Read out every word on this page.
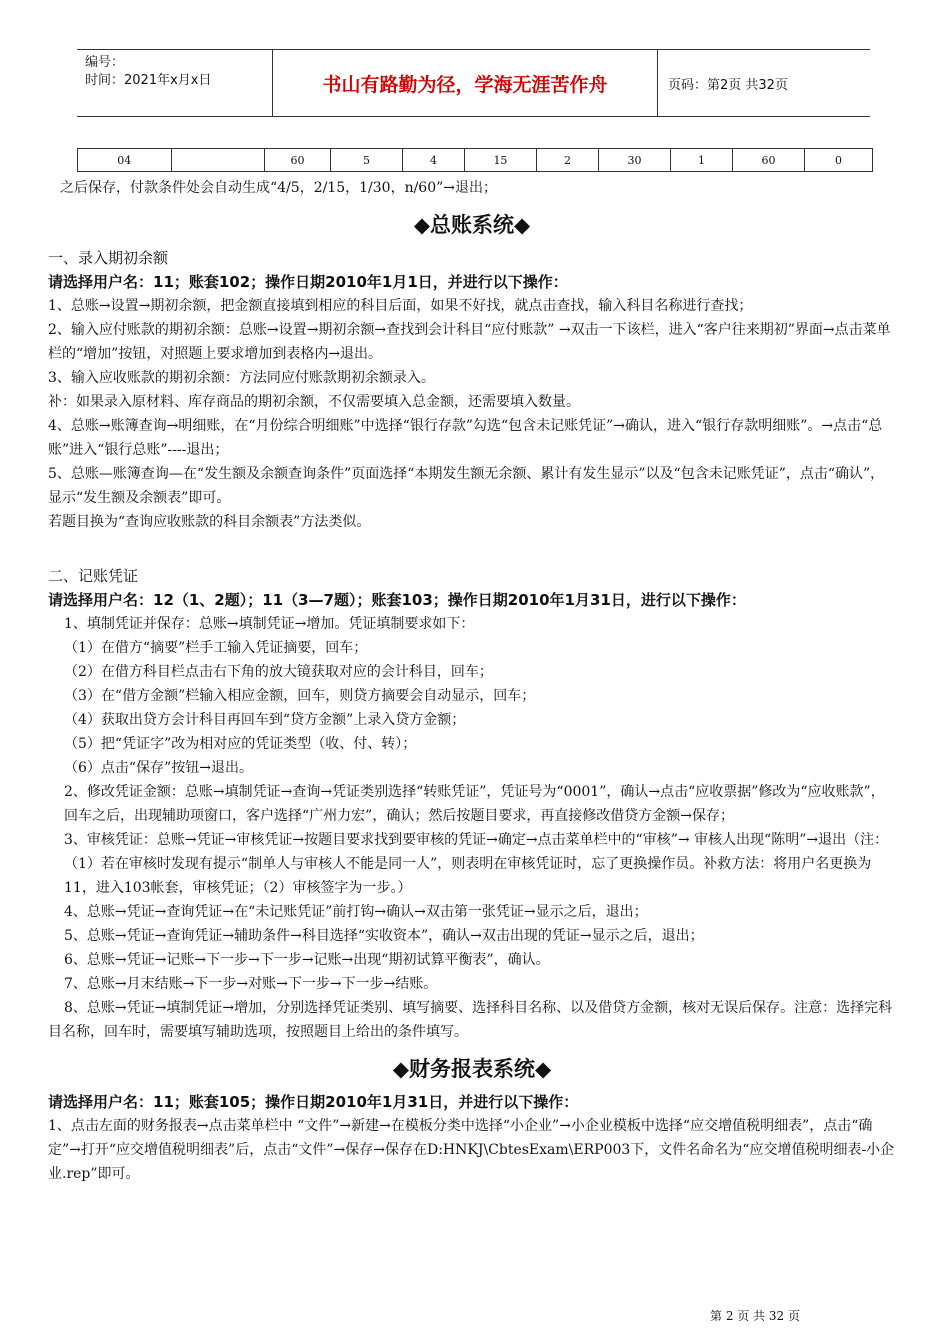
编号：
时间：2021年x月x日	书山有路勤为径，学海无涯苦作舟	页码：第2页 共32页
04		60	5	4	15	2	30	1	60	0

之后保存，付款条件处会自动生成“4/5，2/15，1/30，n/60”→退出；

◆总账系统◆
一、录入期初余额
请选择用户名：11；账套102；操作日期2010年1月1日，并进行以下操作：

1、总账→设置→期初余额，把金额直接填到相应的科目后面，如果不好找，就点击查找，输入科目名称进行查找；

2、输入应付账款的期初余额：总账→设置→期初余额→查找到会计科目“应付账款” →双击一下该栏，进入“客户往来期初”界面→点击菜单栏的“增加”按钮，对照题上要求增加到表格内→退出。

3、输入应收账款的期初余额：方法同应付账款期初余额录入。

补：如果录入原材料、库存商品的期初余额，不仅需要填入总金额，还需要填入数量。

4、总账→账簿查询→明细账，在“月份综合明细账”中选择“银行存款”勾选“包含未记账凭证”→确认，进入“银行存款明细账”。→点击“总账”进入“银行总账”----退出；

5、总账—账簿查询—在“发生额及余额查询条件”页面选择“本期发生额无余额、累计有发生显示”以及“包含未记账凭证”，点击“确认”，显示“发生额及余额表”即可。

若题目换为“查询应收账款的科目余额表”方法类似。

二、记账凭证
请选择用户名：12（1、2题）；11（3—7题）；账套103；操作日期2010年1月31日，进行以下操作：

1、填制凭证并保存：总账→填制凭证→增加。凭证填制要求如下：

（1）在借方“摘要”栏手工输入凭证摘要，回车；

（2）在借方科目栏点击右下角的放大镜获取对应的会计科目，回车；

（3）在“借方金额”栏输入相应金额，回车，则贷方摘要会自动显示，回车；

（4）获取出贷方会计科目再回车到“贷方金额”上录入贷方金额；

（5）把“凭证字”改为相对应的凭证类型（收、付、转）；

（6）点击“保存”按钮→退出。

2、修改凭证金额：总账→填制凭证→查询→凭证类别选择“转账凭证”，凭证号为“0001”，确认→点击“应收票据”修改为“应收账款”，回车之后，出现辅助项窗口，客户选择“广州力宏”，确认；然后按题目要求，再直接修改借贷方金额→保存；

3、审核凭证：总账→凭证→审核凭证→按题目要求找到要审核的凭证→确定→点击菜单栏中的“审核”→ 审核人出现“陈明”→退出（注：（1）若在审核时发现有提示“制单人与审核人不能是同一人”，则表明在审核凭证时，忘了更换操作员。补救方法：将用户名更换为11，进入103帐套，审核凭证；（2）审核签字为一步。）

4、总账→凭证→查询凭证→在“未记账凭证”前打钩→确认→双击第一张凭证→显示之后，退出；

5、总账→凭证→查询凭证→辅助条件→科目选择“实收资本”，确认→双击出现的凭证→显示之后，退出；

6、总账→凭证→记账→下一步→下一步→记账→出现“期初试算平衡表”，确认。

7、总账→月末结账→下一步→对账→下一步→下一步→结账。

8、总账→凭证→填制凭证→增加，分别选择凭证类别、填写摘要、选择科目名称、以及借贷方金额，核对无误后保存。注意：选择完科目名称，回车时，需要填写辅助选项，按照题目上给出的条件填写。

◆财务报表系统◆
请选择用户名：11；账套105；操作日期2010年1月31日，并进行以下操作：

1、点击左面的财务报表→点击菜单栏中 “文件”→新建→在模板分类中选择“小企业”→小企业模板中选择“应交增值税明细表”，点击“确定”→打开“应交增值税明细表”后，点击“文件”→保存→保存在D:HNKJ\CbtesExam\ERP003下，文件名命名为“应交增值税明细表-小企业.rep”即可。

第 2 页 共 32 页
